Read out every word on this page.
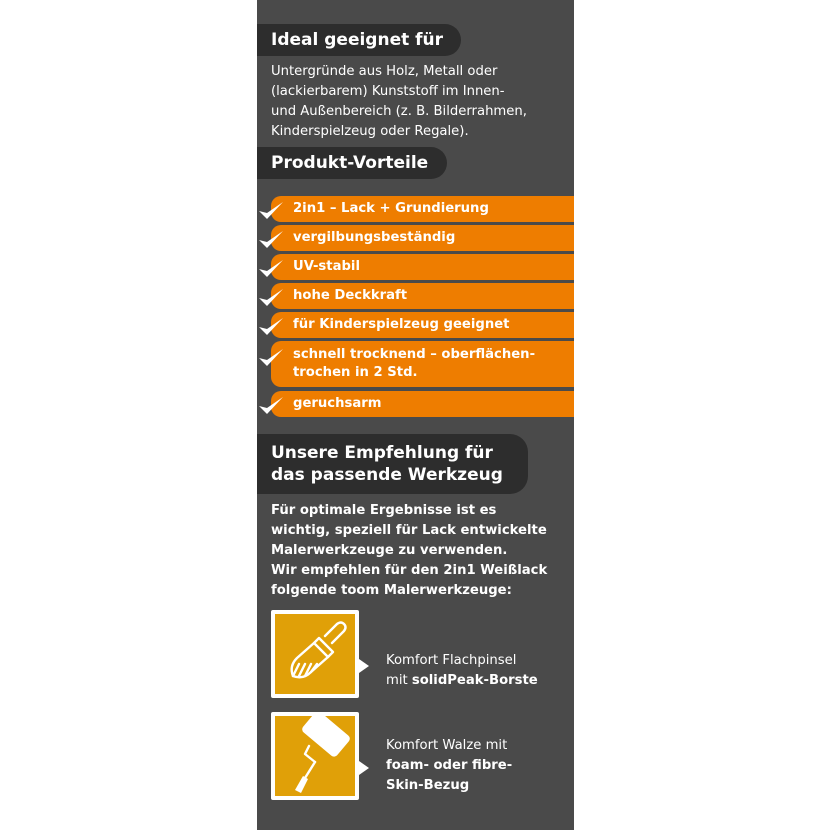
Ideal geeignet für
Untergründe aus Holz, Metall oder
(lackierbarem) Kunststoff im Innen-
und Außenbereich (z. B. Bilderrahmen,
Kinderspielzeug oder Regale).
Produkt-Vorteile
2in1 – Lack + Grundierung
vergilbungsbeständig
UV-stabil
hohe Deckkraft
für Kinderspielzeug geeignet
schnell trocknend – oberflächen-
trochen in 2 Std.
geruchsarm
Unsere Empfehlung für
das passende Werkzeug
Für optimale Ergebnisse ist es
wichtig, speziell für Lack entwickelte
Malerwerkzeuge zu verwenden.
Wir empfehlen für den 2in1 Weißlack
folgende toom Malerwerkzeuge:
Komfort Flachpinsel
mit solidPeak-Borste
Komfort Walze mit
foam- oder fibre-
Skin-Bezug
